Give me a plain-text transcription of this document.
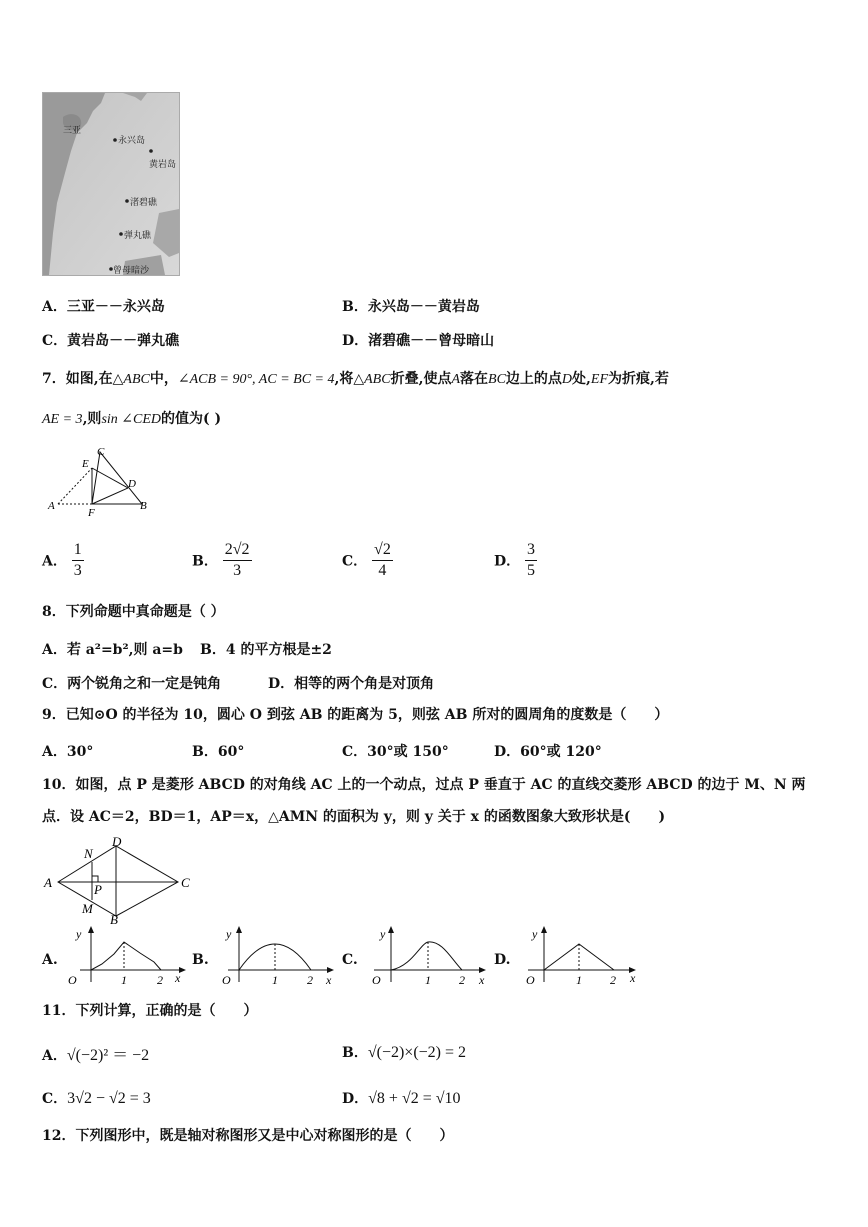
三亚
永兴岛
黄岩岛
渚碧礁
弹丸礁
曾母暗沙
A．三亚－－永兴岛	B．永兴岛－－黄岩岛
C．黄岩岛－－弹丸礁	D．渚碧礁－－曾母暗山
7．如图,在△ABC中，∠ACB = 90°, AC = BC = 4,将△ABC折叠,使点A落在BC边上的点D处,EF为折痕,若
AE = 3,则sin ∠CED的值为( )
C
E
D
A
F
B
A． $\frac{1}{3}$	B． $\frac{2√2}{3}$	C． $\frac{√2}{4}$	D． $\frac{3}{5}$
8．下列命题中真命题是（ ）
A．若 a²=b²,则 a=b B．4 的平方根是±2
C．两个锐角之和一定是钝角	D．相等的两个角是对顶角
9．已知⊙O 的半径为 10，圆心 O 到弦 AB 的距离为 5，则弦 AB 所对的圆周角的度数是（　　）
A．30°	B．60°	C．30°或 150°	D．60°或 120°
10．如图，点 P 是菱形 ABCD 的对角线 AC 上的一个动点，过点 P 垂直于 AC 的直线交菱形 ABCD 的边于 M、N 两
点．设 AC＝2，BD＝1，AP＝x，△AMN 的面积为 y，则 y 关于 x 的函数图象大致形状是(　　)
D
N
A	P	C
M
B
A.
y
O	1	2 x
B.
y
O	1 2 x
C.
y
O	1 2 x
D.
y
O	1 2 x
11．下列计算，正确的是（　　）
A．√(−2)² ＝ −2	B．√(−2)×(−2) = 2
C．3√2 − √2 = 3	D．√8 + √2 = √10
12．下列图形中，既是轴对称图形又是中心对称图形的是（　　）
